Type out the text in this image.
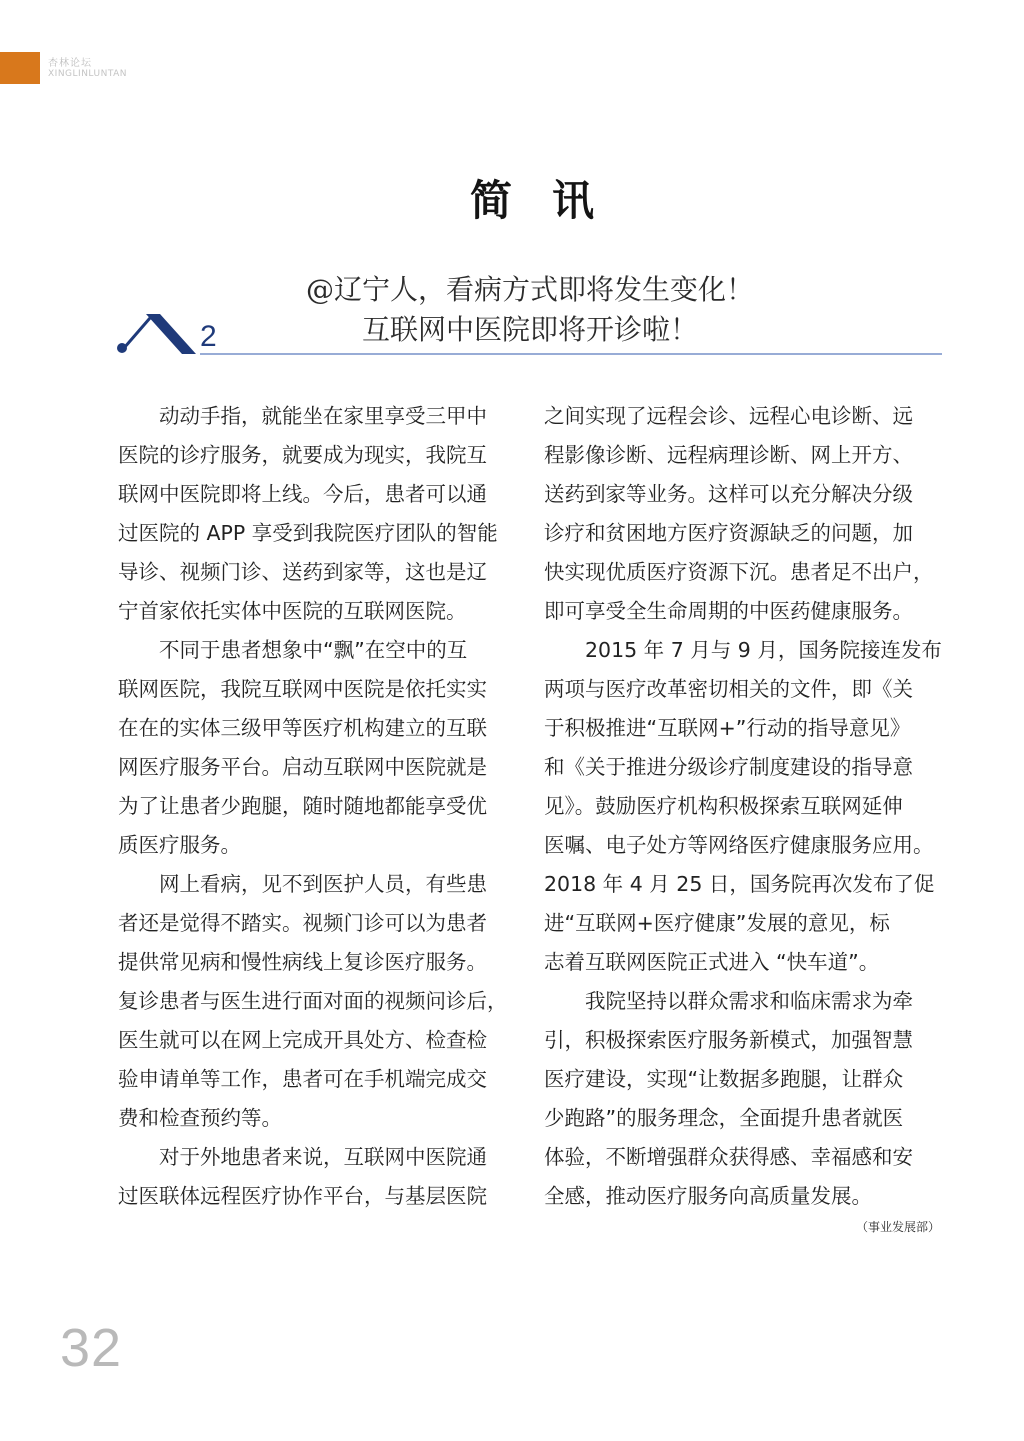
杏林论坛
XINGLINLUNTAN
简讯
@辽宁人，看病方式即将发生变化！
互联网中医院即将开诊啦！
2

　　动动手指，就能坐在家里享受三甲中

医院的诊疗服务，就要成为现实，我院互

联网中医院即将上线。今后，患者可以通

过医院的 APP 享受到我院医疗团队的智能

导诊、视频门诊、送药到家等，这也是辽

宁首家依托实体中医院的互联网医院。

　　不同于患者想象中“飘”在空中的互

联网医院，我院互联网中医院是依托实实

在在的实体三级甲等医疗机构建立的互联

网医疗服务平台。启动互联网中医院就是

为了让患者少跑腿，随时随地都能享受优

质医疗服务。

　　网上看病，见不到医护人员，有些患

者还是觉得不踏实。视频门诊可以为患者

提供常见病和慢性病线上复诊医疗服务。

复诊患者与医生进行面对面的视频问诊后，

医生就可以在网上完成开具处方、检查检

验申请单等工作，患者可在手机端完成交

费和检查预约等。

　　对于外地患者来说，互联网中医院通

过医联体远程医疗协作平台，与基层医院

之间实现了远程会诊、远程心电诊断、远

程影像诊断、远程病理诊断、网上开方、

送药到家等业务。这样可以充分解决分级

诊疗和贫困地方医疗资源缺乏的问题，加

快实现优质医疗资源下沉。患者足不出户，

即可享受全生命周期的中医药健康服务。

　　2015 年 7 月与 9 月，国务院接连发布

两项与医疗改革密切相关的文件，即《关

于积极推进“互联网+”行动的指导意见》

和《关于推进分级诊疗制度建设的指导意

见》。鼓励医疗机构积极探索互联网延伸

医嘱、电子处方等网络医疗健康服务应用。

2018 年 4 月 25 日，国务院再次发布了促

进“互联网+医疗健康”发展的意见，标

志着互联网医院正式进入 “快车道”。

　　我院坚持以群众需求和临床需求为牵

引，积极探索医疗服务新模式，加强智慧

医疗建设，实现“让数据多跑腿，让群众

少跑路”的服务理念，全面提升患者就医

体验，不断增强群众获得感、幸福感和安

全感，推动医疗服务向高质量发展。

（事业发展部）
32
